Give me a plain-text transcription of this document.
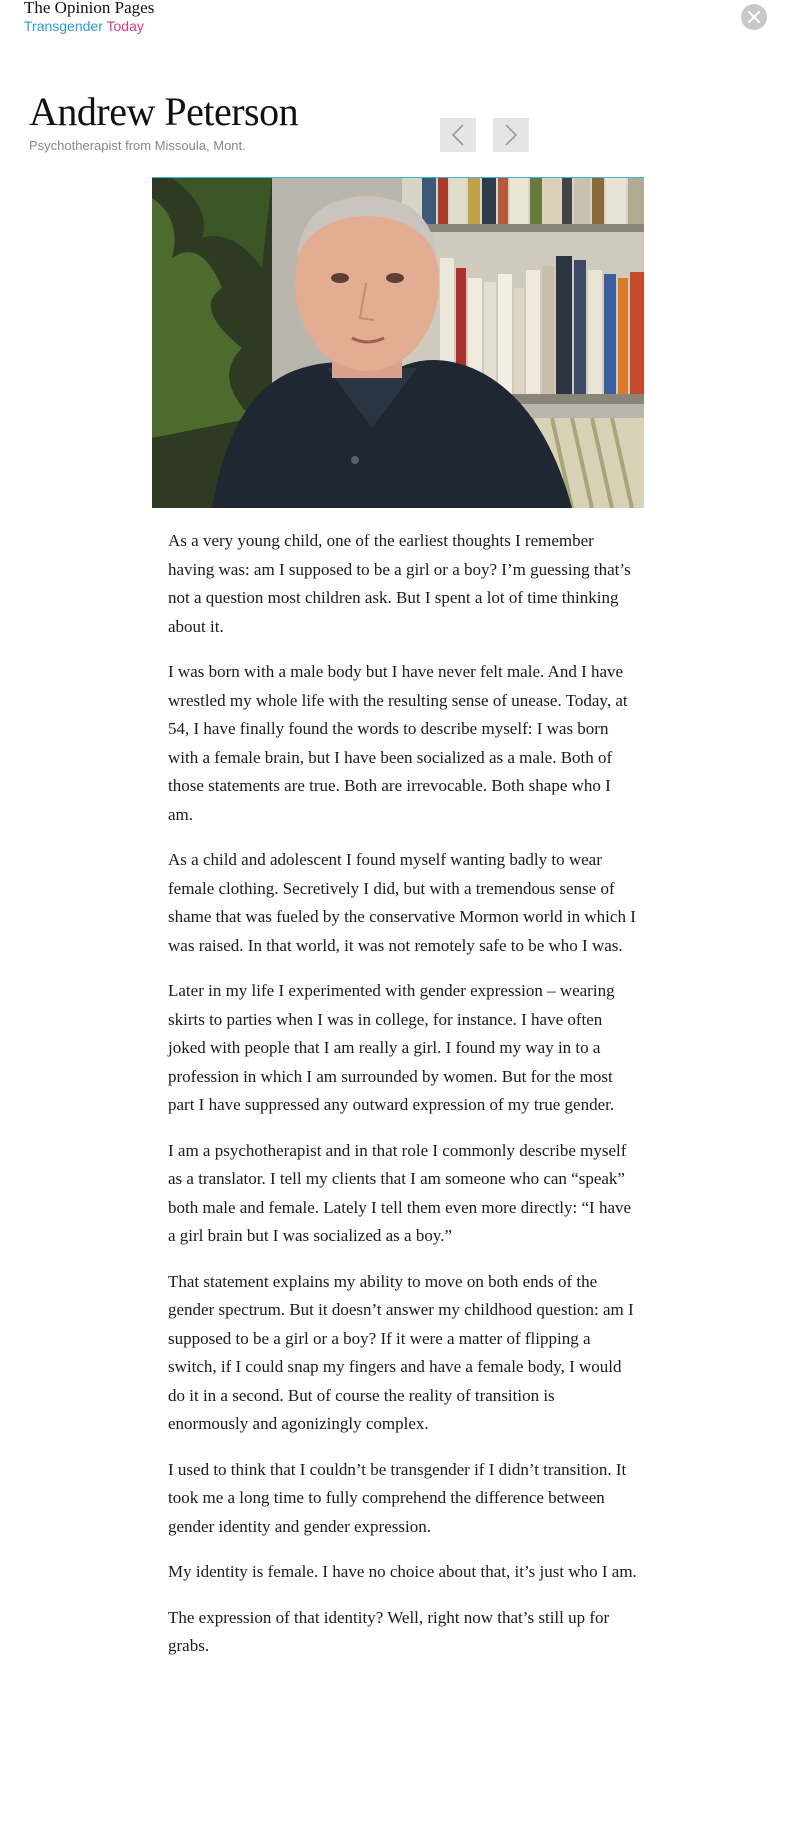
The Opinion Pages
Transgender Today
Andrew Peterson
Psychotherapist from Missoula, Mont.

As a very young child, one of the earliest thoughts I remember having was: am I supposed to be a girl or a boy? I’m guessing that’s not a question most children ask. But I spent a lot of time thinking about it.

I was born with a male body but I have never felt male. And I have wrestled my whole life with the resulting sense of unease. Today, at 54, I have finally found the words to describe myself: I was born with a female brain, but I have been socialized as a male. Both of those statements are true. Both are irrevocable. Both shape who I am.

As a child and adolescent I found myself wanting badly to wear female clothing. Secretively I did, but with a tremendous sense of shame that was fueled by the conservative Mormon world in which I was raised. In that world, it was not remotely safe to be who I was.

Later in my life I experimented with gender expression – wearing skirts to parties when I was in college, for instance. I have often joked with people that I am really a girl. I found my way in to a profession in which I am surrounded by women. But for the most part I have suppressed any outward expression of my true gender.

I am a psychotherapist and in that role I commonly describe myself as a translator. I tell my clients that I am someone who can “speak” both male and female. Lately I tell them even more directly: “I have a girl brain but I was socialized as a boy.”

That statement explains my ability to move on both ends of the gender spectrum. But it doesn’t answer my childhood question: am I supposed to be a girl or a boy? If it were a matter of flipping a switch, if I could snap my fingers and have a female body, I would do it in a second. But of course the reality of transition is enormously and agonizingly complex.

I used to think that I couldn’t be transgender if I didn’t transition. It took me a long time to fully comprehend the difference between gender identity and gender expression.

My identity is female. I have no choice about that, it’s just who I am.

The expression of that identity? Well, right now that’s still up for grabs.
